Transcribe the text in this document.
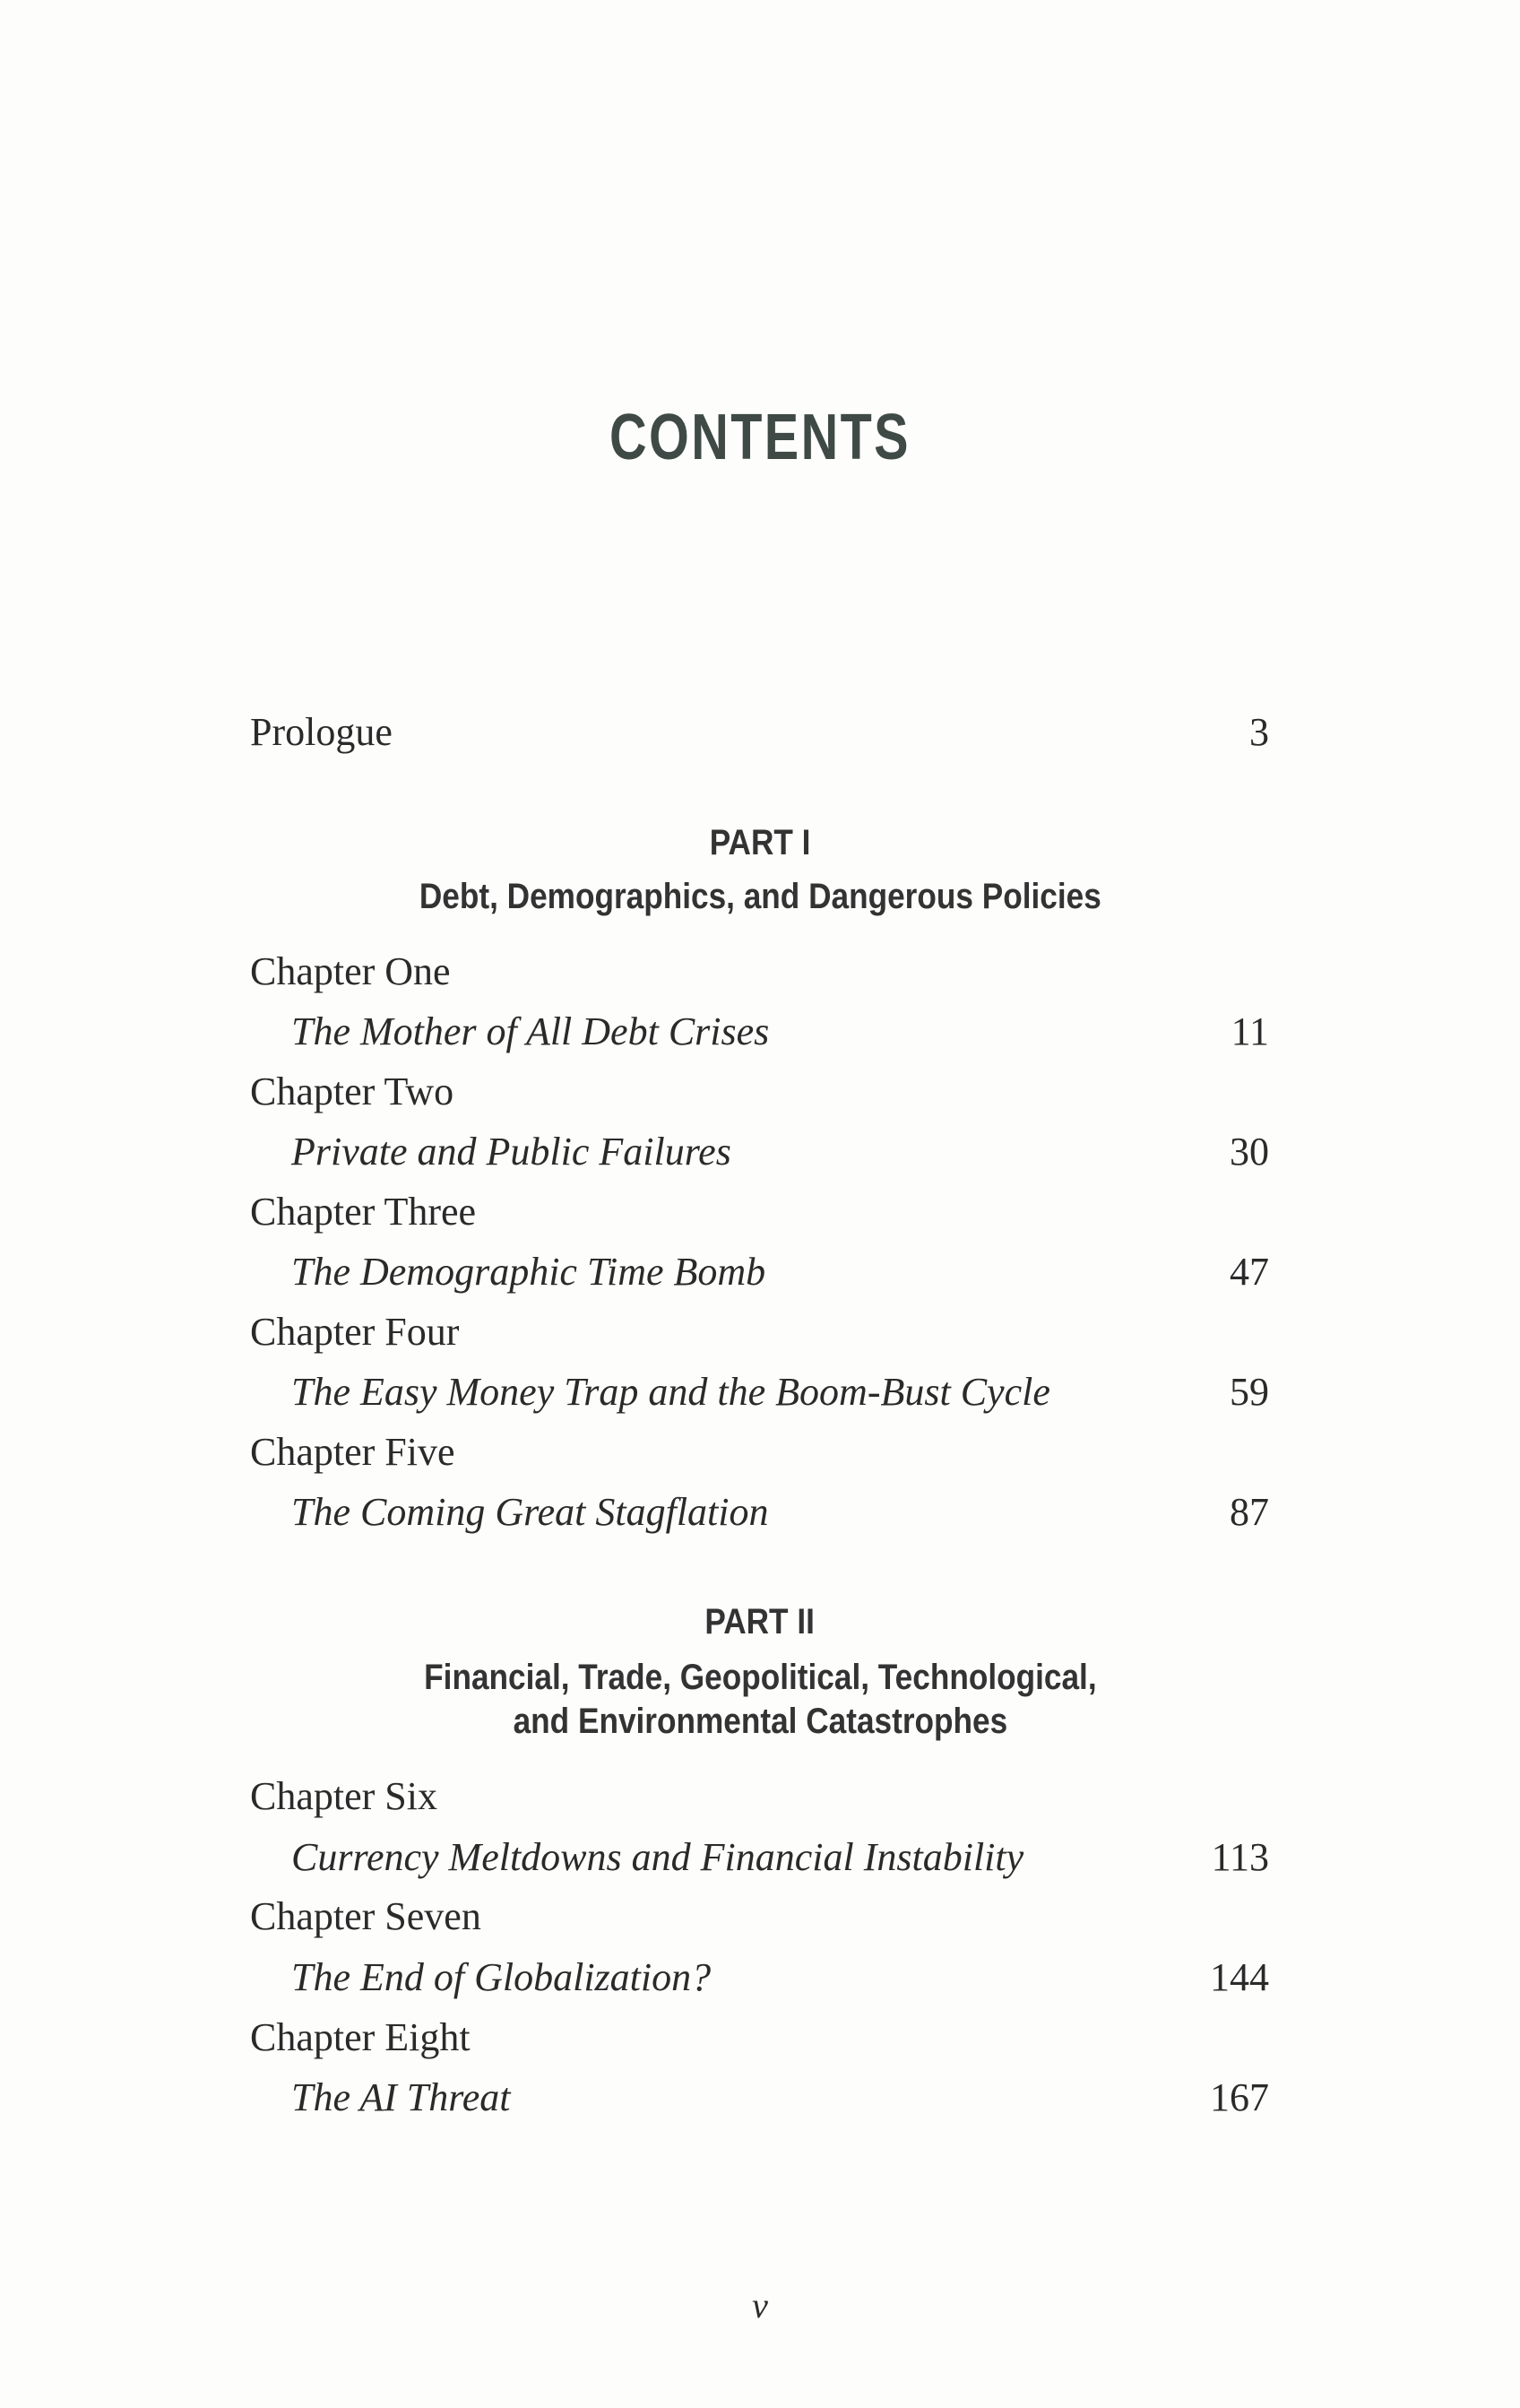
CONTENTS
Prologue	3
PART I
Debt, Demographics, and Dangerous Policies
Chapter One
The Mother of All Debt Crises	11
Chapter Two
Private and Public Failures	30
Chapter Three
The Demographic Time Bomb	47
Chapter Four
The Easy Money Trap and the Boom-Bust Cycle	59
Chapter Five
The Coming Great Stagflation	87
PART II
Financial, Trade, Geopolitical, Technological,
and Environmental Catastrophes
Chapter Six
Currency Meltdowns and Financial Instability	113
Chapter Seven
The End of Globalization?	144
Chapter Eight
The AI Threat	167
v
